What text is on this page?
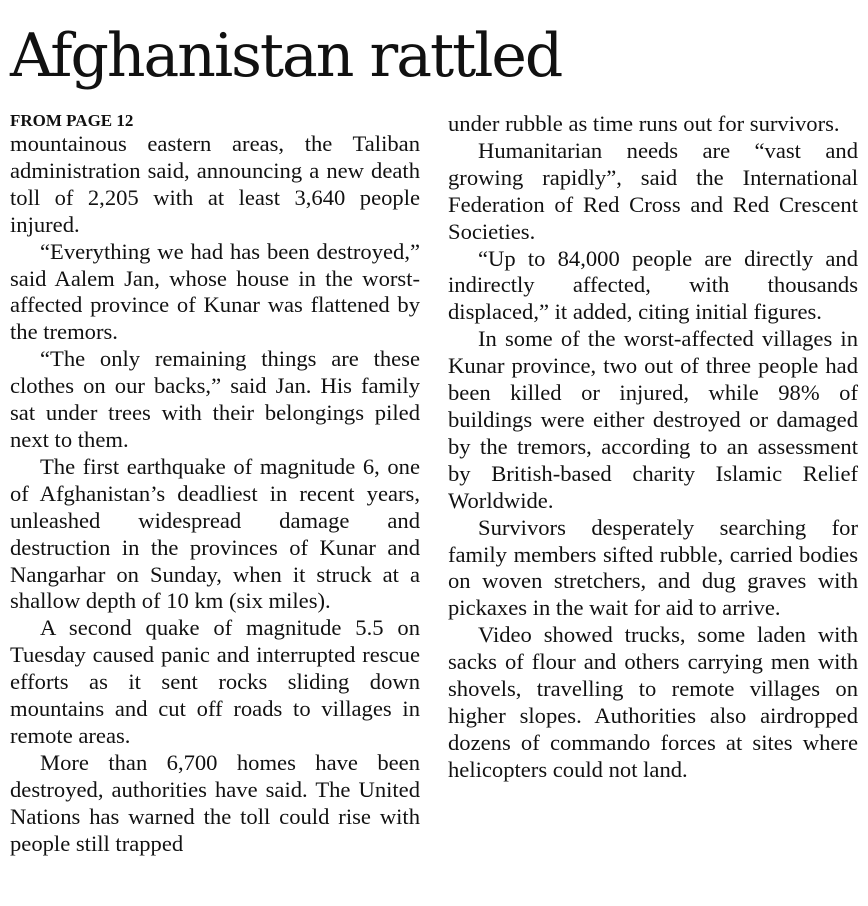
Afghanistan rattled
FROM PAGE 12

mountainous eastern areas, the Taliban administration said, announcing a new death toll of 2,205 with at least 3,640 people injured.

“Everything we had has been destroyed,” said Aalem Jan, whose house in the worst-affected province of Kunar was flattened by the tremors.

“The only remaining things are these clothes on our backs,” said Jan. His family sat under trees with their belongings piled next to them.

The first earthquake of magnitude 6, one of Afghanistan’s deadliest in recent years, unleashed widespread damage and destruction in the provinces of Kunar and Nangarhar on Sunday, when it struck at a shallow depth of 10 km (six miles).

A second quake of magnitude 5.5 on Tuesday caused panic and interrupted rescue efforts as it sent rocks sliding down mountains and cut off roads to villages in remote areas.

More than 6,700 homes have been destroyed, authorities have said. The United Nations has warned the toll could rise with people still trapped

under rubble as time runs out for survivors.

Humanitarian needs are “vast and growing rapidly”, said the International Federation of Red Cross and Red Crescent Societies.

“Up to 84,000 people are directly and indirectly affected, with thousands displaced,” it added, citing initial figures.

In some of the worst-affected villages in Kunar province, two out of three people had been killed or injured, while 98% of buildings were either destroyed or damaged by the tremors, according to an assessment by British-based charity Islamic Relief Worldwide.

Survivors desperately searching for family members sifted rubble, carried bodies on woven stretchers, and dug graves with pickaxes in the wait for aid to arrive.

Video showed trucks, some laden with sacks of flour and others carrying men with shovels, travelling to remote villages on higher slopes. Authorities also airdropped dozens of commando forces at sites where helicopters could not land.
